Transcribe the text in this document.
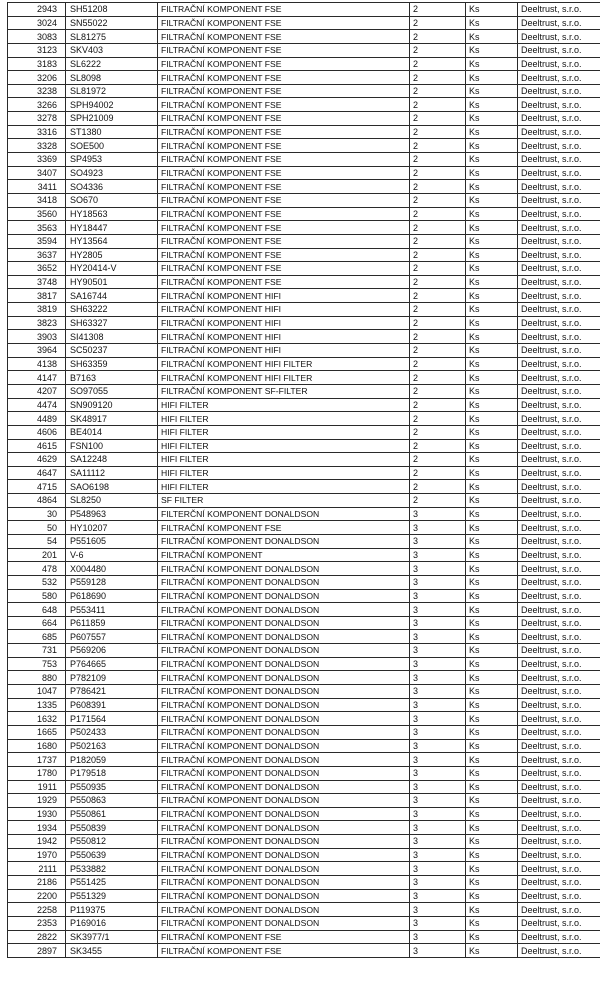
2943	SH51208	FILTRAČNÍ KOMPONENT FSE	2	Ks	Deeltrust, s.r.o.
3024	SN55022	FILTRAČNÍ KOMPONENT FSE	2	Ks	Deeltrust, s.r.o.
3083	SL81275	FILTRAČNÍ KOMPONENT FSE	2	Ks	Deeltrust, s.r.o.
3123	SKV403	FILTRAČNÍ KOMPONENT FSE	2	Ks	Deeltrust, s.r.o.
3183	SL6222	FILTRAČNÍ KOMPONENT FSE	2	Ks	Deeltrust, s.r.o.
3206	SL8098	FILTRAČNÍ KOMPONENT FSE	2	Ks	Deeltrust, s.r.o.
3238	SL81972	FILTRAČNÍ KOMPONENT FSE	2	Ks	Deeltrust, s.r.o.
3266	SPH94002	FILTRAČNÍ KOMPONENT FSE	2	Ks	Deeltrust, s.r.o.
3278	SPH21009	FILTRAČNÍ KOMPONENT FSE	2	Ks	Deeltrust, s.r.o.
3316	ST1380	FILTRAČNÍ KOMPONENT FSE	2	Ks	Deeltrust, s.r.o.
3328	SOE500	FILTRAČNÍ KOMPONENT FSE	2	Ks	Deeltrust, s.r.o.
3369	SP4953	FILTRAČNÍ KOMPONENT FSE	2	Ks	Deeltrust, s.r.o.
3407	SO4923	FILTRAČNÍ KOMPONENT FSE	2	Ks	Deeltrust, s.r.o.
3411	SO4336	FILTRAČNÍ KOMPONENT FSE	2	Ks	Deeltrust, s.r.o.
3418	SO670	FILTRAČNÍ KOMPONENT FSE	2	Ks	Deeltrust, s.r.o.
3560	HY18563	FILTRAČNÍ KOMPONENT FSE	2	Ks	Deeltrust, s.r.o.
3563	HY18447	FILTRAČNÍ KOMPONENT FSE	2	Ks	Deeltrust, s.r.o.
3594	HY13564	FILTRAČNÍ KOMPONENT FSE	2	Ks	Deeltrust, s.r.o.
3637	HY2805	FILTRAČNÍ KOMPONENT FSE	2	Ks	Deeltrust, s.r.o.
3652	HY20414-V	FILTRAČNÍ KOMPONENT FSE	2	Ks	Deeltrust, s.r.o.
3748	HY90501	FILTRAČNÍ KOMPONENT FSE	2	Ks	Deeltrust, s.r.o.
3817	SA16744	FILTRAČNÍ KOMPONENT HIFI	2	Ks	Deeltrust, s.r.o.
3819	SH63222	FILTRAČNÍ KOMPONENT HIFI	2	Ks	Deeltrust, s.r.o.
3823	SH63327	FILTRAČNÍ KOMPONENT HIFI	2	Ks	Deeltrust, s.r.o.
3903	SI41308	FILTRAČNÍ KOMPONENT HIFI	2	Ks	Deeltrust, s.r.o.
3964	SC50237	FILTRAČNÍ KOMPONENT HIFI	2	Ks	Deeltrust, s.r.o.
4138	SH63359	FILTRAČNÍ KOMPONENT HIFI FILTER	2	Ks	Deeltrust, s.r.o.
4147	B7163	FILTRAČNÍ KOMPONENT HIFI FILTER	2	Ks	Deeltrust, s.r.o.
4207	SO97055	FILTRAČNÍ KOMPONENT SF-FILTER	2	Ks	Deeltrust, s.r.o.
4474	SN909120	HIFI FILTER	2	Ks	Deeltrust, s.r.o.
4489	SK48917	HIFI FILTER	2	Ks	Deeltrust, s.r.o.
4606	BE4014	HIFI FILTER	2	Ks	Deeltrust, s.r.o.
4615	FSN100	HIFI FILTER	2	Ks	Deeltrust, s.r.o.
4629	SA12248	HIFI FILTER	2	Ks	Deeltrust, s.r.o.
4647	SA11112	HIFI FILTER	2	Ks	Deeltrust, s.r.o.
4715	SAO6198	HIFI FILTER	2	Ks	Deeltrust, s.r.o.
4864	SL8250	SF FILTER	2	Ks	Deeltrust, s.r.o.
30	P548963	FILTERČNÍ KOMPONENT DONALDSON	3	Ks	Deeltrust, s.r.o.
50	HY10207	FILTRAČNÍ KOMPONENT FSE	3	Ks	Deeltrust, s.r.o.
54	P551605	FILTRAČNÍ KOMPONENT DONALDSON	3	Ks	Deeltrust, s.r.o.
201	V-6	FILTRAČNÍ KOMPONENT	3	Ks	Deeltrust, s.r.o.
478	X004480	FILTRAČNÍ KOMPONENT DONALDSON	3	Ks	Deeltrust, s.r.o.
532	P559128	FILTRAČNÍ KOMPONENT DONALDSON	3	Ks	Deeltrust, s.r.o.
580	P618690	FILTRAČNÍ KOMPONENT DONALDSON	3	Ks	Deeltrust, s.r.o.
648	P553411	FILTRAČNÍ KOMPONENT DONALDSON	3	Ks	Deeltrust, s.r.o.
664	P611859	FILTRAČNÍ KOMPONENT DONALDSON	3	Ks	Deeltrust, s.r.o.
685	P607557	FILTRAČNÍ KOMPONENT DONALDSON	3	Ks	Deeltrust, s.r.o.
731	P569206	FILTRAČNÍ KOMPONENT DONALDSON	3	Ks	Deeltrust, s.r.o.
753	P764665	FILTRAČNÍ KOMPONENT DONALDSON	3	Ks	Deeltrust, s.r.o.
880	P782109	FILTRAČNÍ KOMPONENT DONALDSON	3	Ks	Deeltrust, s.r.o.
1047	P786421	FILTRAČNÍ KOMPONENT DONALDSON	3	Ks	Deeltrust, s.r.o.
1335	P608391	FILTRAČNÍ KOMPONENT DONALDSON	3	Ks	Deeltrust, s.r.o.
1632	P171564	FILTRAČNÍ KOMPONENT DONALDSON	3	Ks	Deeltrust, s.r.o.
1665	P502433	FILTRAČNÍ KOMPONENT DONALDSON	3	Ks	Deeltrust, s.r.o.
1680	P502163	FILTRAČNÍ KOMPONENT DONALDSON	3	Ks	Deeltrust, s.r.o.
1737	P182059	FILTRAČNÍ KOMPONENT DONALDSON	3	Ks	Deeltrust, s.r.o.
1780	P179518	FILTRAČNÍ KOMPONENT DONALDSON	3	Ks	Deeltrust, s.r.o.
1911	P550935	FILTRAČNÍ KOMPONENT DONALDSON	3	Ks	Deeltrust, s.r.o.
1929	P550863	FILTRAČNÍ KOMPONENT DONALDSON	3	Ks	Deeltrust, s.r.o.
1930	P550861	FILTRAČNÍ KOMPONENT DONALDSON	3	Ks	Deeltrust, s.r.o.
1934	P550839	FILTRAČNÍ KOMPONENT DONALDSON	3	Ks	Deeltrust, s.r.o.
1942	P550812	FILTRAČNÍ KOMPONENT DONALDSON	3	Ks	Deeltrust, s.r.o.
1970	P550639	FILTRAČNÍ KOMPONENT DONALDSON	3	Ks	Deeltrust, s.r.o.
2111	P533882	FILTRAČNÍ KOMPONENT DONALDSON	3	Ks	Deeltrust, s.r.o.
2186	P551425	FILTRAČNÍ KOMPONENT DONALDSON	3	Ks	Deeltrust, s.r.o.
2200	P551329	FILTRAČNÍ KOMPONENT DONALDSON	3	Ks	Deeltrust, s.r.o.
2258	P119375	FILTRAČNÍ KOMPONENT DONALDSON	3	Ks	Deeltrust, s.r.o.
2353	P169016	FILTRAČNÍ KOMPONENT DONALDSON	3	Ks	Deeltrust, s.r.o.
2822	SK3977/1	FILTRAČNÍ KOMPONENT FSE	3	Ks	Deeltrust, s.r.o.
2897	SK3455	FILTRAČNÍ KOMPONENT FSE	3	Ks	Deeltrust, s.r.o.
